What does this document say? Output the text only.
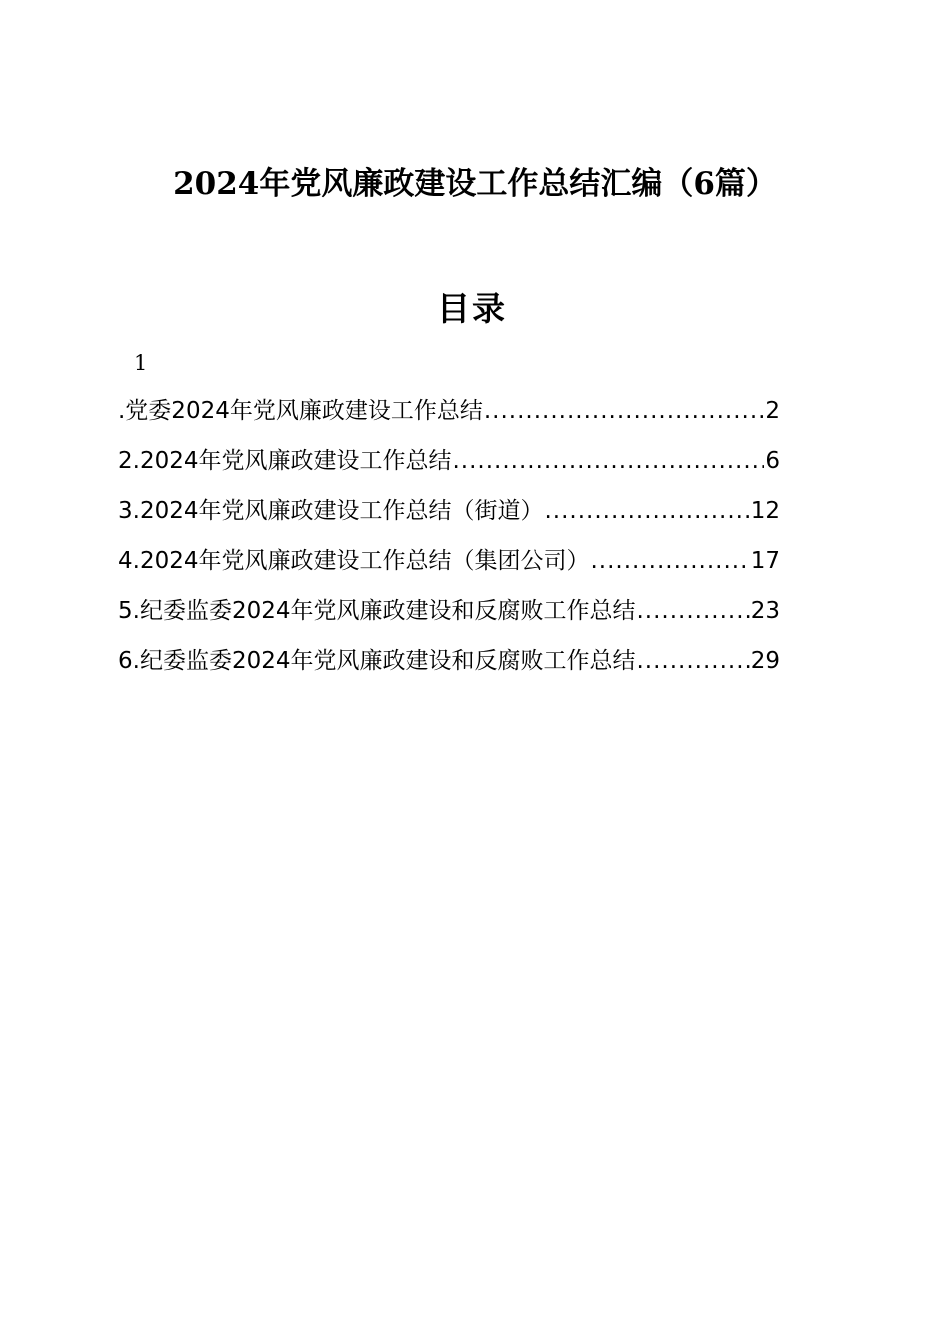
2024年党风廉政建设工作总结汇编（6篇）
目录
1
.党委2024年党风廉政建设工作总结 .....	2
2.2024年党风廉政建设工作总结 .....	6
3.2024年党风廉政建设工作总结（街道） .....	12
4.2024年党风廉政建设工作总结（集团公司） .....	17
5.纪委监委2024年党风廉政建设和反腐败工作总结 .....	23
6.纪委监委2024年党风廉政建设和反腐败工作总结 .....	29
